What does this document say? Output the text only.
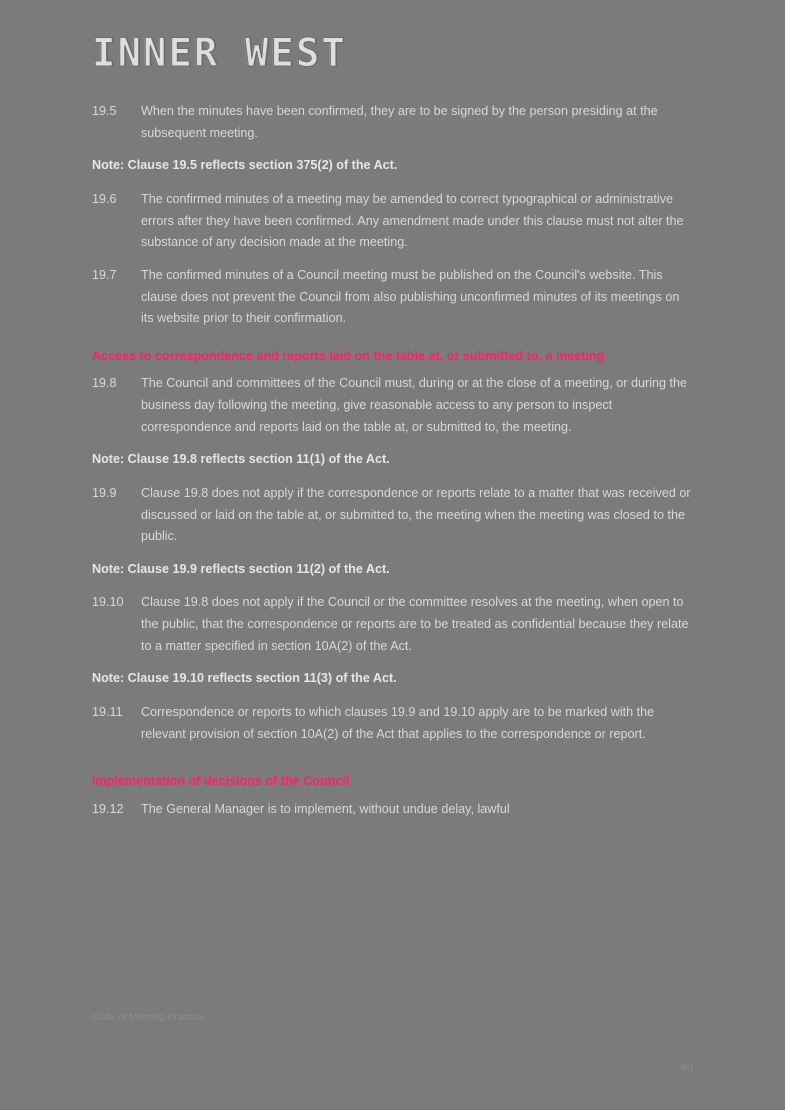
INNER WEST
19.5	When the minutes have been confirmed, they are to be signed by the person presiding at the subsequent meeting.
Note: Clause 19.5 reflects section 375(2) of the Act.
19.6	The confirmed minutes of a meeting may be amended to correct typographical or administrative errors after they have been confirmed. Any amendment made under this clause must not alter the substance of any decision made at the meeting.
19.7	The confirmed minutes of a Council meeting must be published on the Council's website. This clause does not prevent the Council from also publishing unconfirmed minutes of its meetings on its website prior to their confirmation.
Access to correspondence and reports laid on the table at, or submitted to, a meeting
19.8	The Council and committees of the Council must, during or at the close of a meeting, or during the business day following the meeting, give reasonable access to any person to inspect correspondence and reports laid on the table at, or submitted to, the meeting.
Note: Clause 19.8 reflects section 11(1) of the Act.
19.9	Clause 19.8 does not apply if the correspondence or reports relate to a matter that was received or discussed or laid on the table at, or submitted to, the meeting when the meeting was closed to the public.
Note: Clause 19.9 reflects section 11(2) of the Act.
19.10	Clause 19.8 does not apply if the Council or the committee resolves at the meeting, when open to the public, that the correspondence or reports are to be treated as confidential because they relate to a matter specified in section 10A(2) of the Act.
Note: Clause 19.10 reflects section 11(3) of the Act.
19.11	Correspondence or reports to which clauses 19.9 and 19.10 apply are to be marked with the relevant provision of section 10A(2) of the Act that applies to the correspondence or report.
Implementation of decisions of the Council
19.12	The General Manager is to implement, without undue delay, lawful
Code of Meeting Practice
60
